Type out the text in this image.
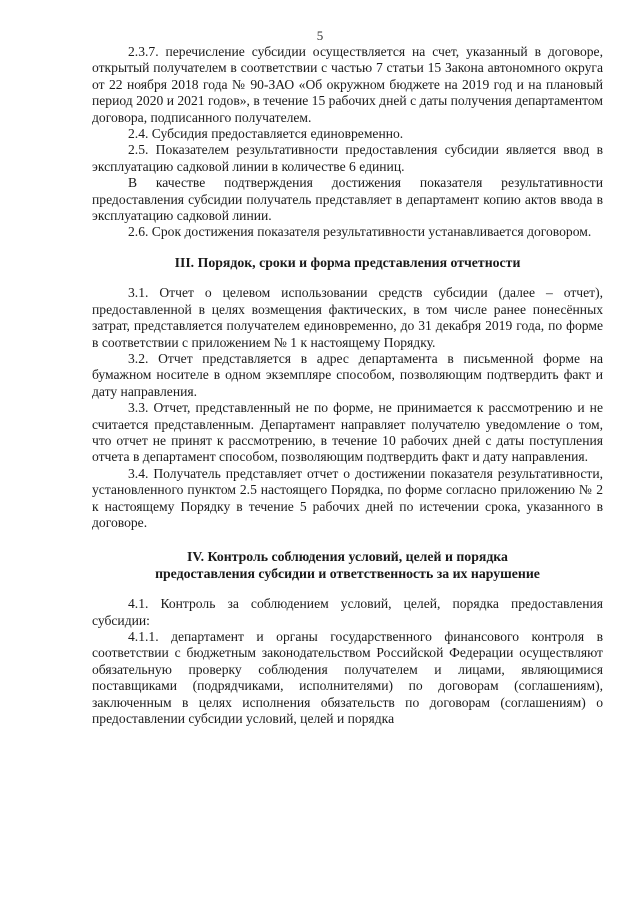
5

2.3.7. перечисление субсидии осуществляется на счет, указанный в договоре, открытый получателем в соответствии с частью 7 статьи 15 Закона автономного округа от 22 ноября 2018 года № 90-ЗАО «Об окружном бюджете на 2019 год и на плановый период 2020 и 2021 годов», в течение 15 рабочих дней с даты получения департаментом договора, подписанного получателем.

2.4. Субсидия предоставляется единовременно.

2.5. Показателем результативности предоставления субсидии является ввод в эксплуатацию садковой линии в количестве 6 единиц.

В качестве подтверждения достижения показателя результативности предоставления субсидии получатель представляет в департамент копию актов ввода в эксплуатацию садковой линии.

2.6. Срок достижения показателя результативности устанавливается договором.

III. Порядок, сроки и форма представления отчетности

3.1. Отчет о целевом использовании средств субсидии (далее – отчет), предоставленной в целях возмещения фактических, в том числе ранее понесённых затрат, представляется получателем единовременно, до 31 декабря 2019 года, по форме в соответствии с приложением № 1 к настоящему Порядку.

3.2. Отчет представляется в адрес департамента в письменной форме на бумажном носителе в одном экземпляре способом, позволяющим подтвердить факт и дату направления.

3.3. Отчет, представленный не по форме, не принимается к рассмотрению и не считается представленным. Департамент направляет получателю уведомление о том, что отчет не принят к рассмотрению, в течение 10 рабочих дней с даты поступления отчета в департамент способом, позволяющим подтвердить факт и дату направления.

3.4. Получатель представляет отчет о достижении показателя результативности, установленного пунктом 2.5 настоящего Порядка, по форме согласно приложению № 2 к настоящему Порядку в течение 5 рабочих дней по истечении срока, указанного в договоре.

IV. Контроль соблюдения условий, целей и порядка

предоставления субсидии и ответственность за их нарушение

4.1. Контроль за соблюдением условий, целей, порядка предоставления субсидии:

4.1.1. департамент и органы государственного финансового контроля в соответствии с бюджетным законодательством Российской Федерации осуществляют обязательную проверку соблюдения получателем и лицами, являющимися поставщиками (подрядчиками, исполнителями) по договорам (соглашениям), заключенным в целях исполнения обязательств по договорам (соглашениям) о предоставлении субсидии условий, целей и порядка
